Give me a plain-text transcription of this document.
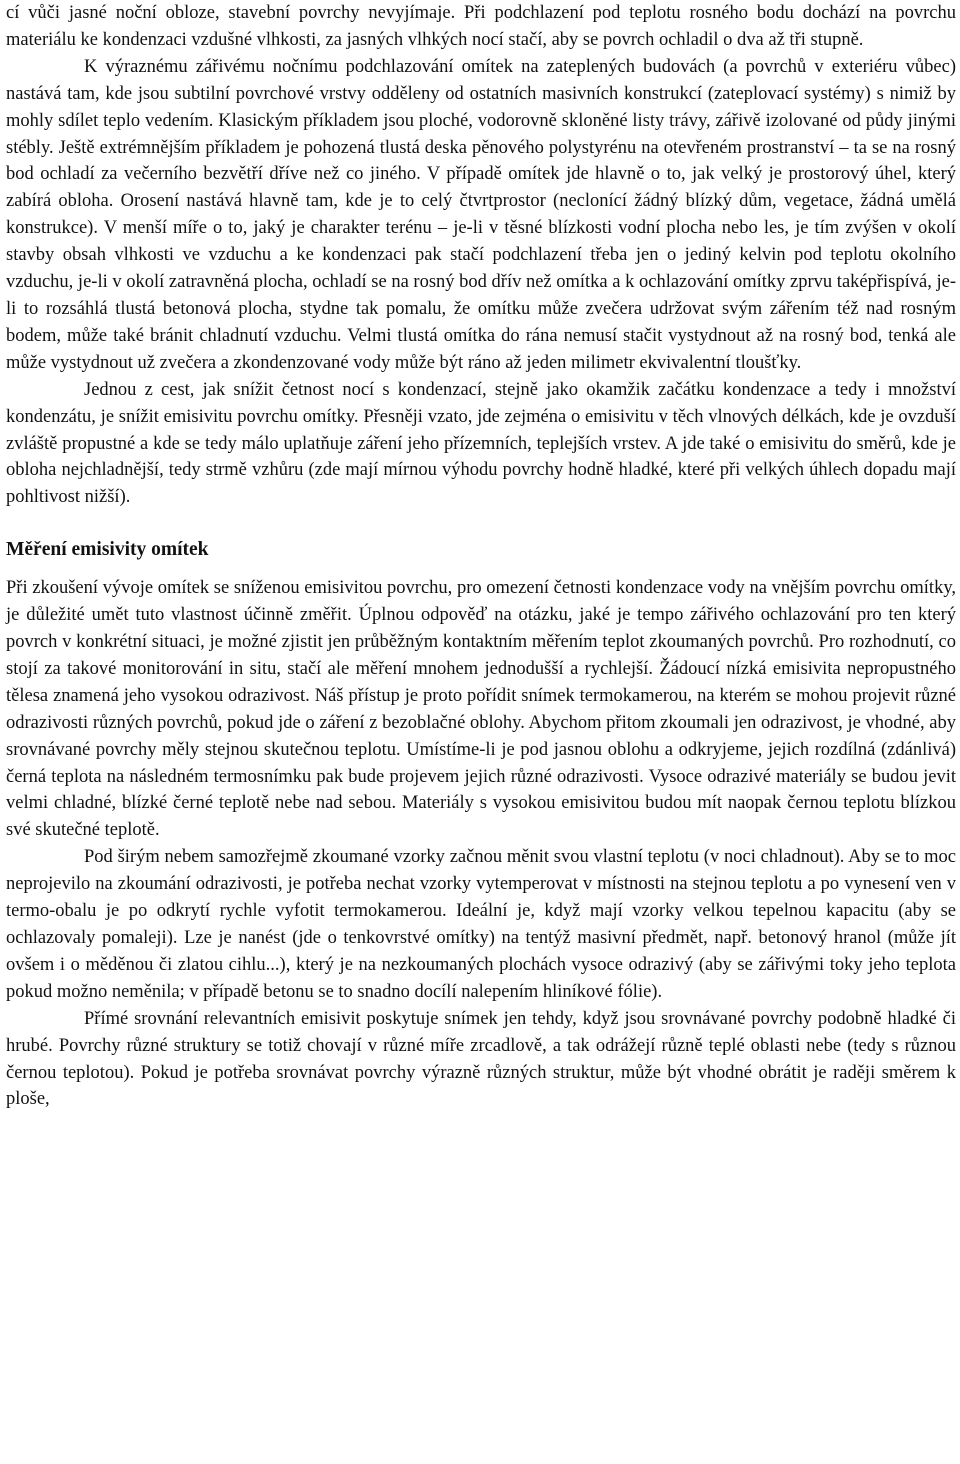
cí vůči jasné noční obloze, stavební povrchy nevyjímaje. Při podchlazení pod teplotu rosného bodu dochází na povrchu materiálu ke kondenzaci vzdušné vlhkosti, za jasných vlhkých nocí stačí, aby se povrch ochladil o dva až tři stupně.

K výraznému zářivému nočnímu podchlazování omítek na zateplených budovách (a povrchů v exteriéru vůbec) nastává tam, kde jsou subtilní povrchové vrstvy odděleny od ostatních masivních konstrukcí (zateplovací systémy) s nimiž by mohly sdílet teplo vedením. Klasickým příkladem jsou ploché, vodorovně skloněné listy trávy, zářivě izolované od půdy jinými stébly. Ještě extrémnějším příkladem je pohozená tlustá deska pěnového polystyrénu na otevřeném prostranství – ta se na rosný bod ochladí za večerního bezvětří dříve než co jiného. V případě omítek jde hlavně o to, jak velký je prostorový úhel, který zabírá obloha. Orosení nastává hlavně tam, kde je to celý čtvrtprostor (neclonící žádný blízký dům, vegetace, žádná umělá konstrukce). V menší míře o to, jaký je charakter terénu – je-li v těsné blízkosti vodní plocha nebo les, je tím zvýšen v okolí stavby obsah vlhkosti ve vzduchu a ke kondenzaci pak stačí podchlazení třeba jen o jediný kelvin pod teplotu okolního vzduchu, je-li v okolí zatravněná plocha, ochladí se na rosný bod dřív než omítka a k ochlazování omítky zprvu taképřispívá, je-li to rozsáhlá tlustá betonová plocha, stydne tak pomalu, že omítku může zvečera udržovat svým zářením též nad rosným bodem, může také bránit chladnutí vzduchu. Velmi tlustá omítka do rána nemusí stačit vystydnout až na rosný bod, tenká ale může vystydnout už zvečera a zkondenzované vody může být ráno až jeden milimetr ekvivalentní tloušťky.

Jednou z cest, jak snížit četnost nocí s kondenzací, stejně jako okamžik začátku kondenzace a tedy i množství kondenzátu, je snížit emisivitu povrchu omítky. Přesněji vzato, jde zejména o emisivitu v těch vlnových délkách, kde je ovzduší zvláště propustné a kde se tedy málo uplatňuje záření jeho přízemních, teplejších vrstev. A jde také o emisivitu do směrů, kde je obloha nejchladnější, tedy strmě vzhůru (zde mají mírnou výhodu povrchy hodně hladké, které při velkých úhlech dopadu mají pohltivost nižší).

Měření emisivity omítek

Při zkoušení vývoje omítek se sníženou emisivitou povrchu, pro omezení četnosti kondenzace vody na vnějším povrchu omítky, je důležité umět tuto vlastnost účinně změřit. Úplnou odpověď na otázku, jaké je tempo zářivého ochlazování pro ten který povrch v konkrétní situaci, je možné zjistit jen průběžným kontaktním měřením teplot zkoumaných povrchů. Pro rozhodnutí, co stojí za takové monitorování in situ, stačí ale měření mnohem jednodušší a rychlejší. Žádoucí nízká emisivita nepropustného tělesa znamená jeho vysokou odrazivost. Náš přístup je proto pořídit snímek termokamerou, na kterém se mohou projevit různé odrazivosti různých povrchů, pokud jde o záření z bezoblačné oblohy. Abychom přitom zkoumali jen odrazivost, je vhodné, aby srovnávané povrchy měly stejnou skutečnou teplotu. Umístíme-li je pod jasnou oblohu a odkryjeme, jejich rozdílná (zdánlivá) černá teplota na následném termosnímku pak bude projevem jejich různé odrazivosti. Vysoce odrazivé materiály se budou jevit velmi chladné, blízké černé teplotě nebe nad sebou. Materiály s vysokou emisivitou budou mít naopak černou teplotu blízkou své skutečné teplotě.

Pod širým nebem samozřejmě zkoumané vzorky začnou měnit svou vlastní teplotu (v noci chladnout). Aby se to moc neprojevilo na zkoumání odrazivosti, je potřeba nechat vzorky vytemperovat v místnosti na stejnou teplotu a po vynesení ven v termo-obalu je po odkrytí rychle vyfotit termokamerou. Ideální je, když mají vzorky velkou tepelnou kapacitu (aby se ochlazovaly pomaleji). Lze je nanést (jde o tenkovrstvé omítky) na tentýž masivní předmět, např. betonový hranol (může jít ovšem i o měděnou či zlatou cihlu...), který je na nezkoumaných plochách vysoce odrazivý (aby se zářivými toky jeho teplota pokud možno neměnila; v případě betonu se to snadno docílí nalepením hliníkové fólie).

Přímé srovnání relevantních emisivit poskytuje snímek jen tehdy, když jsou srovnávané povrchy podobně hladké či hrubé. Povrchy různé struktury se totiž chovají v různé míře zrcadlově, a tak odrážejí různě teplé oblasti nebe (tedy s různou černou teplotou). Pokud je potřeba srovnávat povrchy výrazně různých struktur, může být vhodné obrátit je raději směrem k ploše,
